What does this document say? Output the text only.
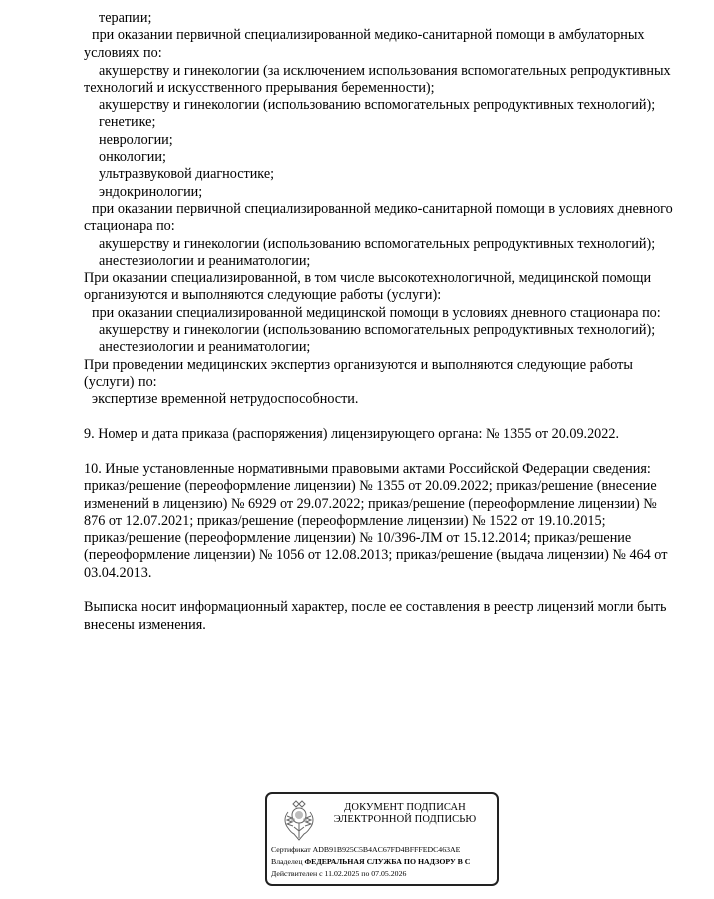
терапии;
при оказании первичной специализированной медико-санитарной помощи в амбулаторных
условиях по:
акушерству и гинекологии (за исключением использования вспомогательных репродуктивных
технологий и искусственного прерывания беременности);
акушерству и гинекологии (использованию вспомогательных репродуктивных технологий);
генетике;
неврологии;
онкологии;
ультразвуковой диагностике;
эндокринологии;
при оказании первичной специализированной медико-санитарной помощи в условиях дневного
стационара по:
акушерству и гинекологии (использованию вспомогательных репродуктивных технологий);
анестезиологии и реаниматологии;
При оказании специализированной, в том числе высокотехнологичной, медицинской помощи
организуются и выполняются следующие работы (услуги):
при оказании специализированной медицинской помощи в условиях дневного стационара по:
акушерству и гинекологии (использованию вспомогательных репродуктивных технологий);
анестезиологии и реаниматологии;
При проведении медицинских экспертиз организуются и выполняются следующие работы
(услуги) по:
экспертизе временной нетрудоспособности.
9. Номер и дата приказа (распоряжения) лицензирующего органа: № 1355 от 20.09.2022.
10. Иные установленные нормативными правовыми актами Российской Федерации сведения:
приказ/решение (переоформление лицензии) № 1355 от 20.09.2022; приказ/решение (внесение
изменений в лицензию) № 6929 от 29.07.2022; приказ/решение (переоформление лицензии) №
876 от 12.07.2021; приказ/решение (переоформление лицензии) № 1522 от 19.10.2015;
приказ/решение (переоформление лицензии) № 10/396-ЛМ от 15.12.2014; приказ/решение
(переоформление лицензии) № 1056 от 12.08.2013; приказ/решение (выдача лицензии) № 464 от
03.04.2013.
Выписка носит информационный характер, после ее составления в реестр лицензий могли быть
внесены изменения.
ДОКУМЕНТ ПОДПИСАН
ЭЛЕКТРОННОЙ ПОДПИСЬЮ
Сертификат ADB91B925C5B4AC67FD4BFFFEDC463AE
Владелец ФЕДЕРАЛЬНАЯ СЛУЖБА ПО НАДЗОРУ В С
Действителен с 11.02.2025 по 07.05.2026
